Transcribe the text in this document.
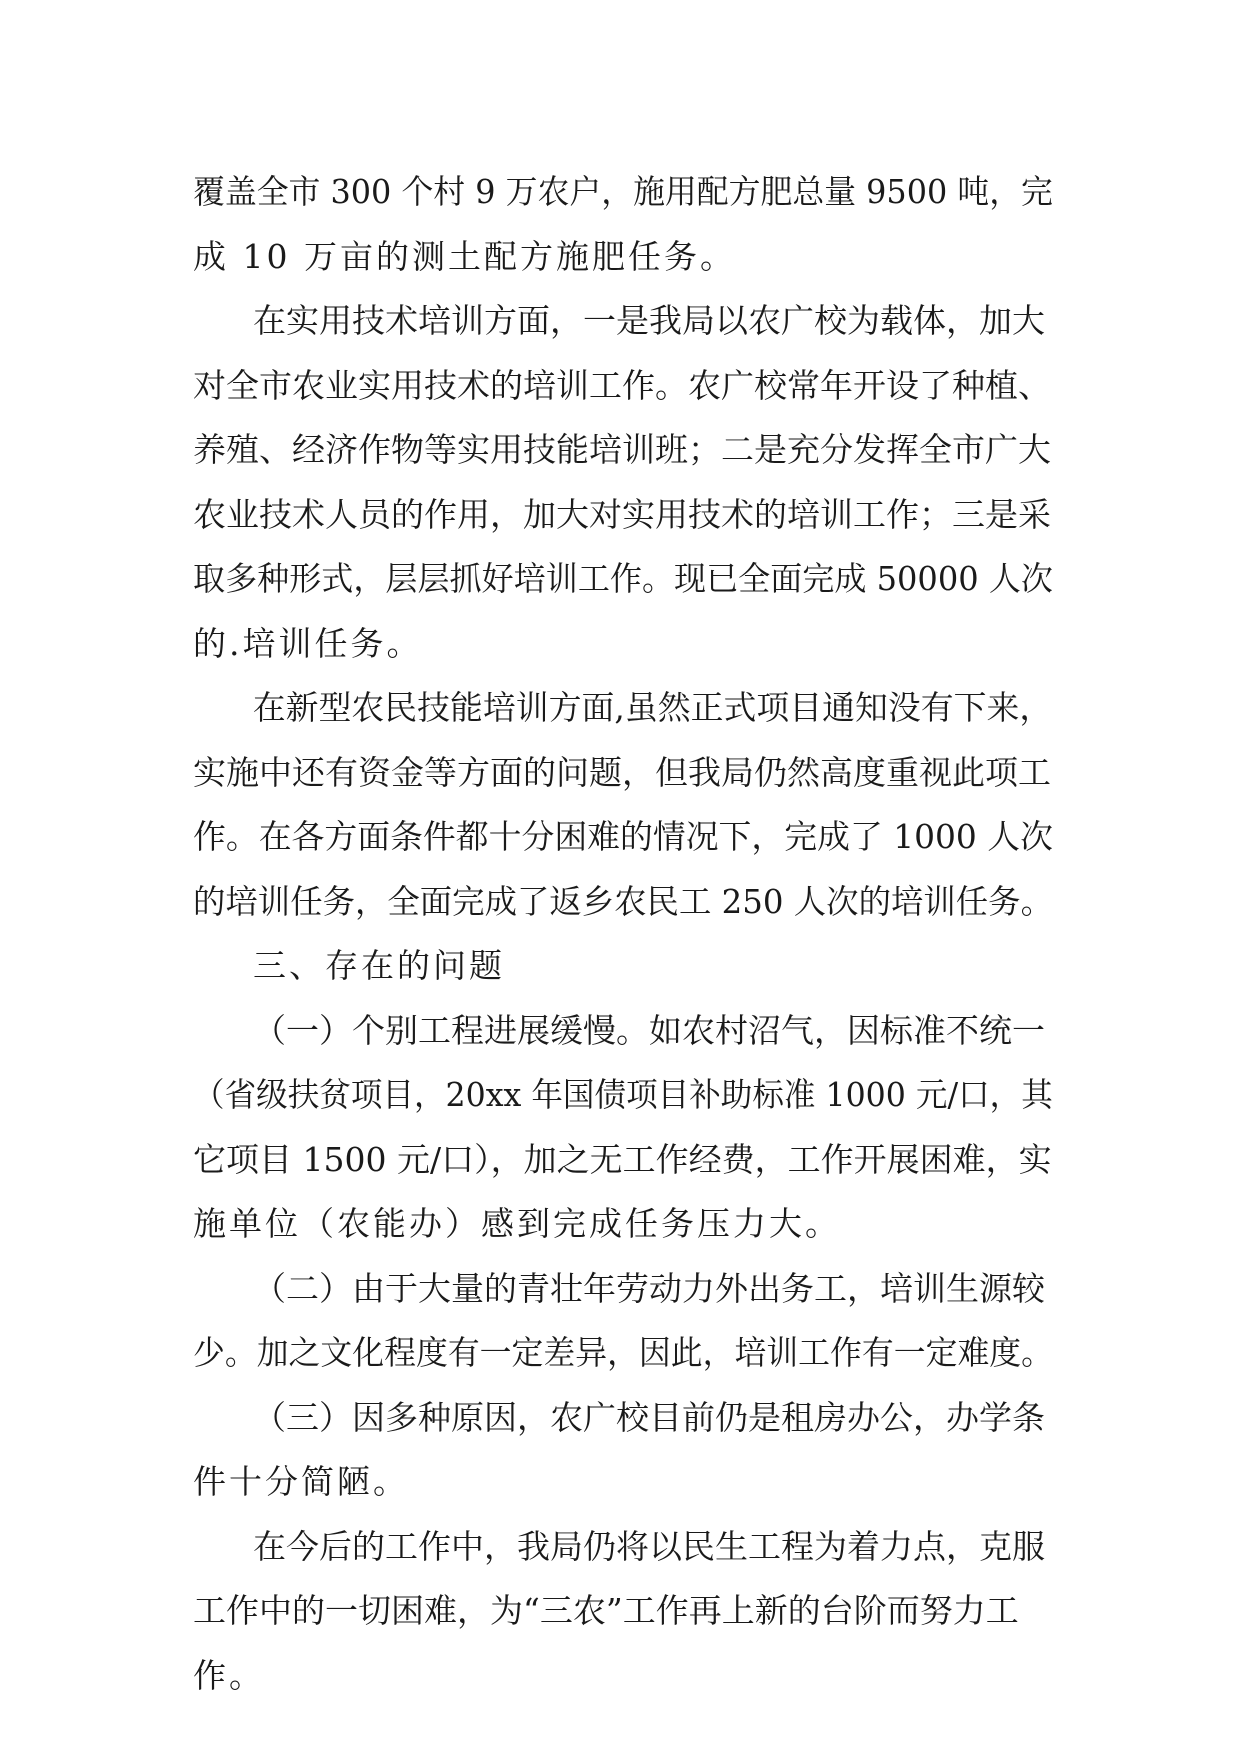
覆盖全市 300 个村 9 万农户，施用配方肥总量 9500 吨，完
成 10 万亩的测土配方施肥任务。
在实用技术培训方面，一是我局以农广校为载体，加大
对全市农业实用技术的培训工作。农广校常年开设了种植、
养殖、经济作物等实用技能培训班；二是充分发挥全市广大
农业技术人员的作用，加大对实用技术的培训工作；三是采
取多种形式，层层抓好培训工作。现已全面完成 50000 人次
的.培训任务。
在新型农民技能培训方面,虽然正式项目通知没有下来，
实施中还有资金等方面的问题，但我局仍然高度重视此项工
作。在各方面条件都十分困难的情况下，完成了 1000 人次
的培训任务，全面完成了返乡农民工 250 人次的培训任务。
三、存在的问题
（一）个别工程进展缓慢。如农村沼气，因标准不统一
（省级扶贫项目，20xx 年国债项目补助标准 1000 元/口，其
它项目 1500 元/口），加之无工作经费，工作开展困难，实
施单位（农能办）感到完成任务压力大。
（二）由于大量的青壮年劳动力外出务工，培训生源较
少。加之文化程度有一定差异，因此，培训工作有一定难度。
（三）因多种原因，农广校目前仍是租房办公，办学条
件十分简陋。
在今后的工作中，我局仍将以民生工程为着力点，克服
工作中的一切困难，为“三农”工作再上新的台阶而努力工
作。
